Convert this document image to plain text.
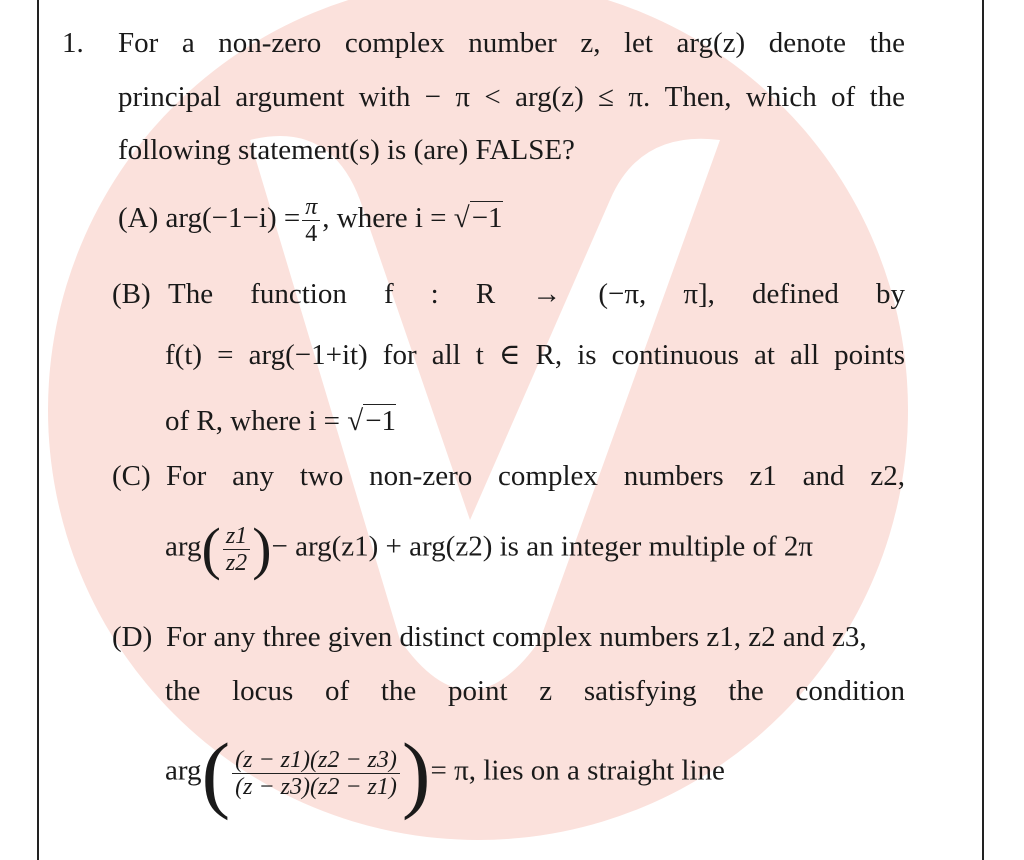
1. For a non-zero complex number z, let arg(z) denote the
principal argument with − π < arg(z) ≤ π. Then, which of the
following statement(s) is (are) FALSE?
(A) $arg(-1-i) = \frac{\pi}{4}$ , where i = √−1
(B) The function f : R → (−π, π], defined by
f(t) = arg(−1+it) for all t ∈ R, is continuous at all points
of R, where i = √−1
(C) For any two non-zero complex numbers z1 and z2,
$arg( \frac{z1}{z2}$ )− arg(z1) + arg(z2) is an integer multiple of 2π
(D) For any three given distinct complex numbers z1, z2 and z3,
the locus of the point z satisfying the condition
$arg( \frac{(z - z1)(z2 - z3)}{(z - z3)(z2 - z1)}$ )= π, lies on a straight line
